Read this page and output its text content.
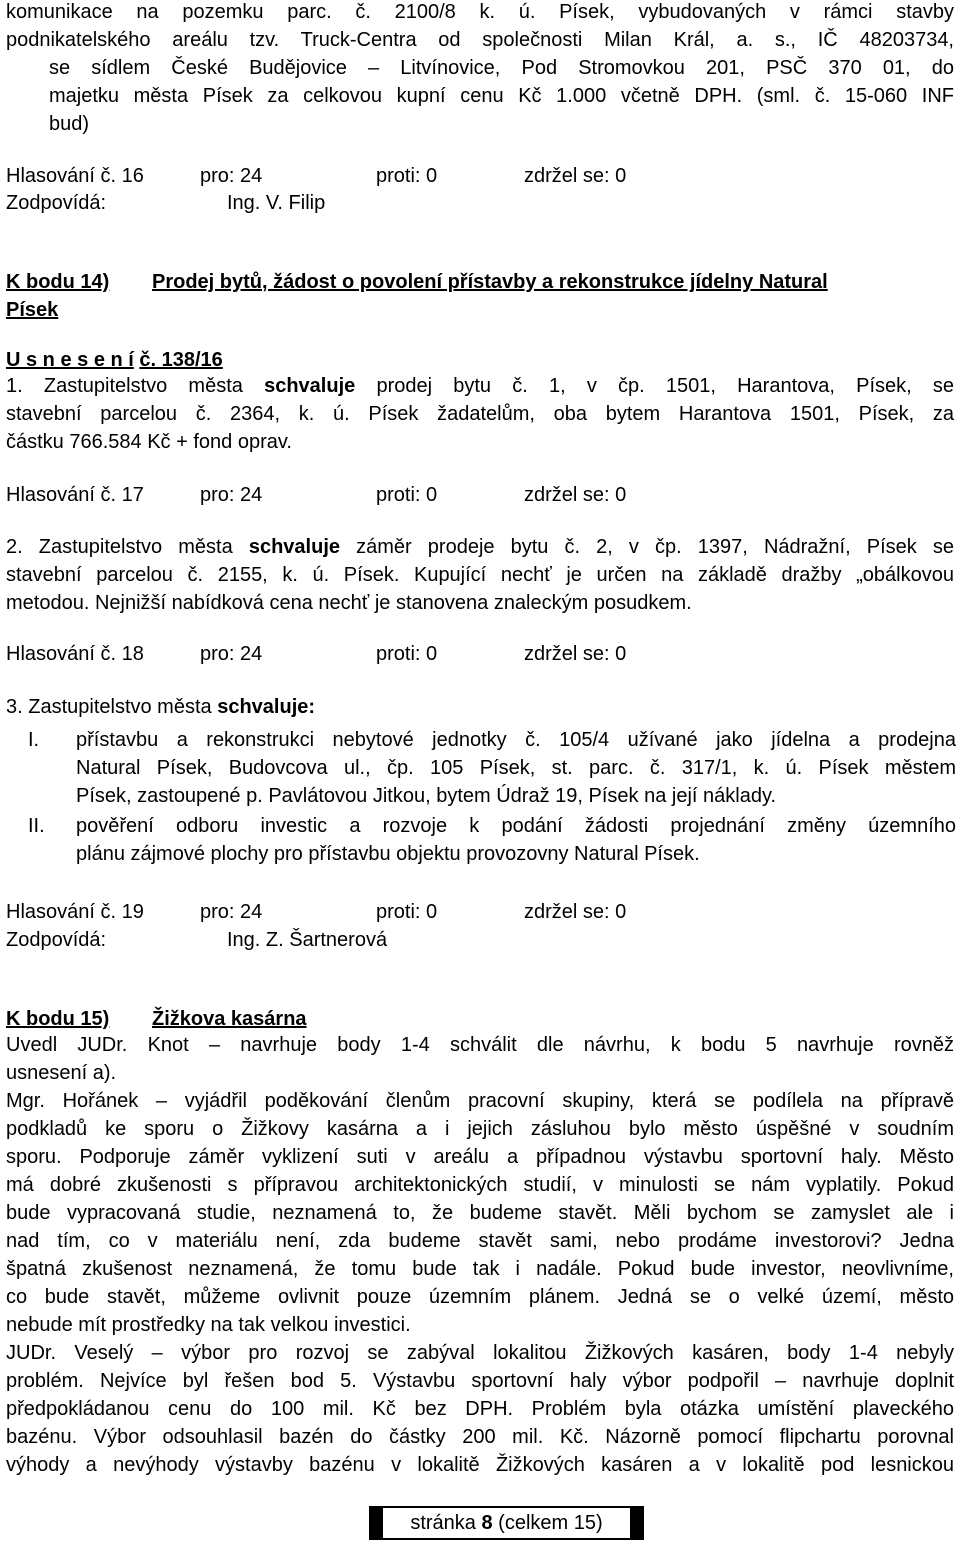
komunikace na pozemku parc. č. 2100/8 k. ú. Písek, vybudovaných v rámci stavby
podnikatelského areálu tzv. Truck-Centra od společnosti Milan Král, a. s., IČ 48203734,
se sídlem České Budějovice – Litvínovice, Pod Stromovkou 201, PSČ 370 01, do
majetku města Písek za celkovou kupní cenu Kč 1.000 včetně DPH. (sml. č. 15-060 INF
bud)
Hlasování č. 16	pro: 24	proti: 0	zdržel se: 0
Zodpovídá:	Ing. V. Filip
K bodu 14) Prodej bytů, žádost o povolení přístavby a rekonstrukce jídelny Natural
Písek
U s n e s e n í č. 138/16
1. Zastupitelstvo města schvaluje prodej bytu č. 1, v čp. 1501, Harantova, Písek, se
stavební parcelou č. 2364, k. ú. Písek žadatelům, oba bytem Harantova 1501, Písek, za
částku 766.584 Kč + fond oprav.
Hlasování č. 17	pro: 24	proti: 0	zdržel se: 0
2. Zastupitelstvo města schvaluje záměr prodeje bytu č. 2, v čp. 1397, Nádražní, Písek se
stavební parcelou č. 2155, k. ú. Písek. Kupující nechť je určen na základě dražby „obálkovou
metodou. Nejnižší nabídková cena nechť je stanovena znaleckým posudkem.
Hlasování č. 18	pro: 24	proti: 0	zdržel se: 0
3. Zastupitelstvo města schvaluje:
I. přístavbu a rekonstrukci nebytové jednotky č. 105/4 užívané jako jídelna a prodejna
Natural Písek, Budovcova ul., čp. 105 Písek, st. parc. č. 317/1, k. ú. Písek městem
Písek, zastoupené p. Pavlátovou Jitkou, bytem Údraž 19, Písek na její náklady.
II. pověření odboru investic a rozvoje k podání žádosti projednání změny územního
plánu zájmové plochy pro přístavbu objektu provozovny Natural Písek.
Hlasování č. 19	pro: 24	proti: 0	zdržel se: 0
Zodpovídá:	Ing. Z. Šartnerová
K bodu 15) Žižkova kasárna
Uvedl JUDr. Knot – navrhuje body 1-4 schválit dle návrhu, k bodu 5 navrhuje rovněž
usnesení a).
Mgr. Hořánek – vyjádřil poděkování členům pracovní skupiny, která se podílela na přípravě
podkladů ke sporu o Žižkovy kasárna a i jejich zásluhou bylo město úspěšné v soudním
sporu. Podporuje záměr vyklizení suti v areálu a případnou výstavbu sportovní haly. Město
má dobré zkušenosti s přípravou architektonických studií, v minulosti se nám vyplatily. Pokud
bude vypracovaná studie, neznamená to, že budeme stavět. Měli bychom se zamyslet ale i
nad tím, co v materiálu není, zda budeme stavět sami, nebo prodáme investorovi? Jedna
špatná zkušenost neznamená, že tomu bude tak i nadále. Pokud bude investor, neovlivníme,
co bude stavět, můžeme ovlivnit pouze územním plánem. Jedná se o velké území, město
nebude mít prostředky na tak velkou investici.
JUDr. Veselý – výbor pro rozvoj se zabýval lokalitou Žižkových kasáren, body 1-4 nebyly
problém. Nejvíce byl řešen bod 5. Výstavbu sportovní haly výbor podpořil – navrhuje doplnit
předpokládanou cenu do 100 mil. Kč bez DPH. Problém byla otázka umístění plaveckého
bazénu. Výbor odsouhlasil bazén do částky 200 mil. Kč. Názorně pomocí flipchartu porovnal
výhody a nevýhody výstavby bazénu v lokalitě Žižkových kasáren a v lokalitě pod lesnickou
stránka 8 (celkem 15)
